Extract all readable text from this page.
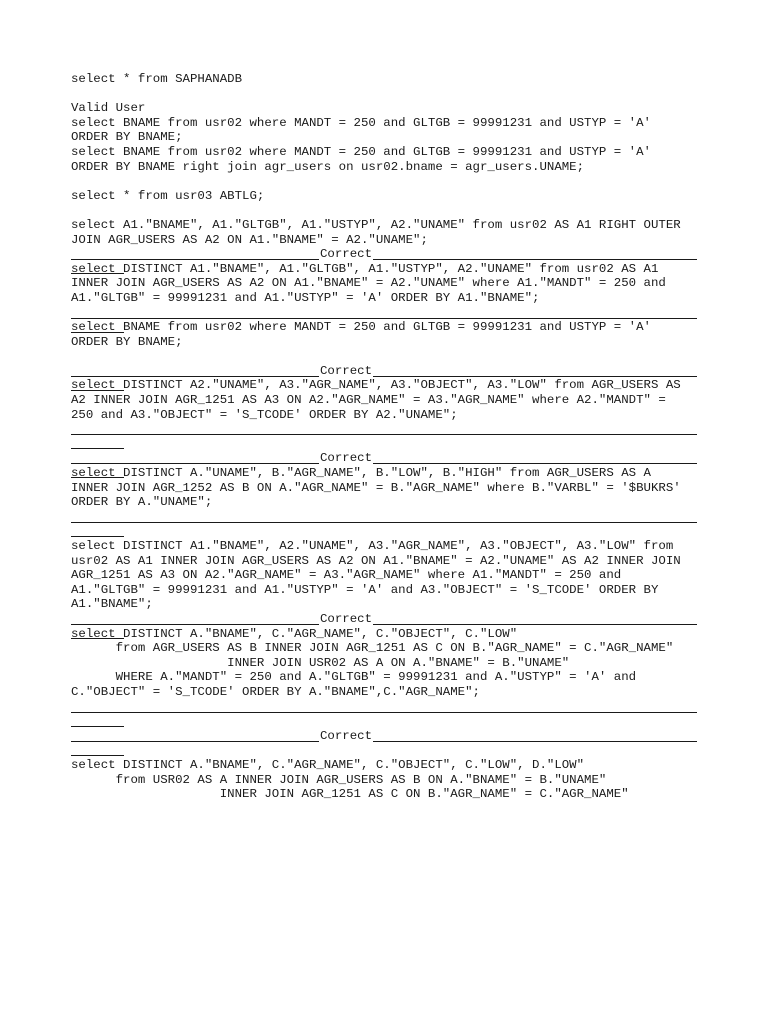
select * from SAPHANADB
Valid User
select BNAME from usr02 where MANDT = 250 and GLTGB = 99991231 and USTYP = 'A'
ORDER BY BNAME;
select BNAME from usr02 where MANDT = 250 and GLTGB = 99991231 and USTYP = 'A'
ORDER BY BNAME right join agr_users on usr02.bname = agr_users.UNAME;
select * from usr03 ABTLG;
select A1."BNAME", A1."GLTGB", A1."USTYP", A2."UNAME" from usr02 AS A1 RIGHT OUTER
JOIN AGR_USERS AS A2 ON A1."BNAME" = A2."UNAME";
Correct
select DISTINCT A1."BNAME", A1."GLTGB", A1."USTYP", A2."UNAME" from usr02 AS A1
INNER JOIN AGR_USERS AS A2 ON A1."BNAME" = A2."UNAME" where A1."MANDT" = 250 and
A1."GLTGB" = 99991231 and A1."USTYP" = 'A' ORDER BY A1."BNAME";
select BNAME from usr02 where MANDT = 250 and GLTGB = 99991231 and USTYP = 'A'
ORDER BY BNAME;
Correct
select DISTINCT A2."UNAME", A3."AGR_NAME", A3."OBJECT", A3."LOW" from AGR_USERS AS
A2 INNER JOIN AGR_1251 AS A3 ON A2."AGR_NAME" = A3."AGR_NAME" where A2."MANDT" =
250 and A3."OBJECT" = 'S_TCODE' ORDER BY A2."UNAME";
Correct
select DISTINCT A."UNAME", B."AGR_NAME", B."LOW", B."HIGH" from AGR_USERS AS A
INNER JOIN AGR_1252 AS B ON A."AGR_NAME" = B."AGR_NAME" where B."VARBL" = '$BUKRS'
ORDER BY A."UNAME";
select DISTINCT A1."BNAME", A2."UNAME", A3."AGR_NAME", A3."OBJECT", A3."LOW" from
usr02 AS A1 INNER JOIN AGR_USERS AS A2 ON A1."BNAME" = A2."UNAME" AS A2 INNER JOIN
AGR_1251 AS A3 ON A2."AGR_NAME" = A3."AGR_NAME" where A1."MANDT" = 250 and
A1."GLTGB" = 99991231 and A1."USTYP" = 'A' and A3."OBJECT" = 'S_TCODE' ORDER BY
A1."BNAME";
Correct
select DISTINCT A."BNAME", C."AGR_NAME", C."OBJECT", C."LOW"
from AGR_USERS AS B INNER JOIN AGR_1251 AS C ON B."AGR_NAME" = C."AGR_NAME"
INNER JOIN USR02 AS A ON A."BNAME" = B."UNAME"
WHERE A."MANDT" = 250 and A."GLTGB" = 99991231 and A."USTYP" = 'A' and
C."OBJECT" = 'S_TCODE' ORDER BY A."BNAME",C."AGR_NAME";
Correct
select DISTINCT A."BNAME", C."AGR_NAME", C."OBJECT", C."LOW", D."LOW"
from USR02 AS A INNER JOIN AGR_USERS AS B ON A."BNAME" = B."UNAME"
INNER JOIN AGR_1251 AS C ON B."AGR_NAME" = C."AGR_NAME"
